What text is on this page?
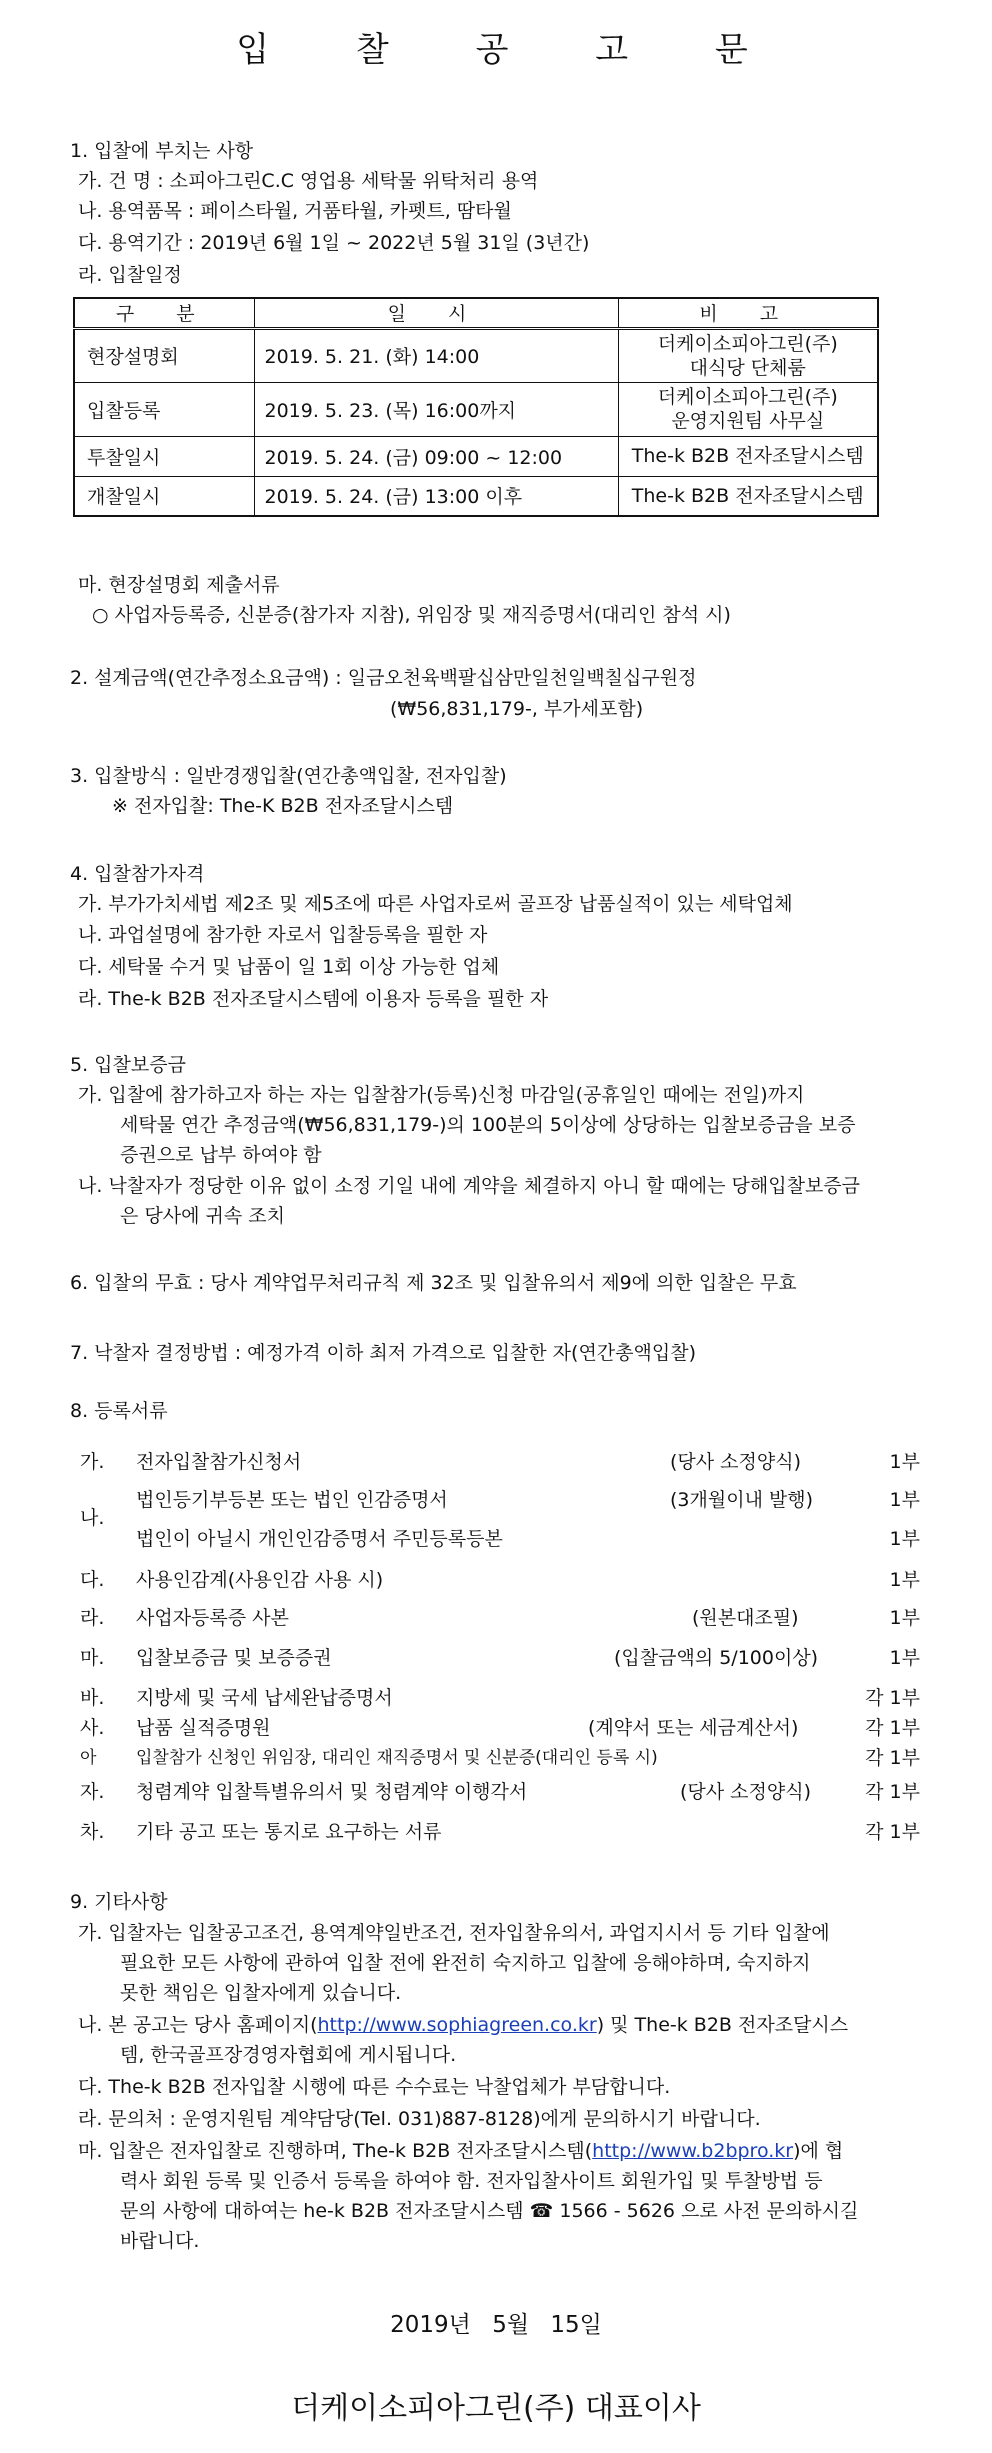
입 찰 공 고 문
1. 입찰에 부치는 사항
가. 건 명 : 소피아그린C.C 영업용 세탁물 위탁처리 용역
나. 용역품목 : 페이스타월, 거품타월, 카펫트, 땀타월
다. 용역기간 : 2019년 6월 1일 ~ 2022년 5월 31일 (3년간)
라. 입찰일정
구 분	일 시	비 고
현장설명회	2019. 5. 21. (화) 14:00	더케이소피아그린(주)
대식당 단체룸

입찰등록	2019. 5. 23. (목) 16:00까지	더케이소피아그린(주)
운영지원팀 사무실

투찰일시	2019. 5. 24. (금) 09:00 ~ 12:00	The-k B2B 전자조달시스템
개찰일시	2019. 5. 24. (금) 13:00 이후	The-k B2B 전자조달시스템
마. 현장설명회 제출서류
○ 사업자등록증, 신분증(참가자 지참), 위임장 및 재직증명서(대리인 참석 시)
2. 설계금액(연간추정소요금액) : 일금오천육백팔십삼만일천일백칠십구원정
(₩56,831,179-, 부가세포함)
3. 입찰방식 : 일반경쟁입찰(연간총액입찰, 전자입찰)
※ 전자입찰: The-K B2B 전자조달시스템
4. 입찰참가자격
가. 부가가치세법 제2조 및 제5조에 따른 사업자로써 골프장 납품실적이 있는 세탁업체
나. 과업설명에 참가한 자로서 입찰등록을 필한 자
다. 세탁물 수거 및 납품이 일 1회 이상 가능한 업체
라. The-k B2B 전자조달시스템에 이용자 등록을 필한 자
5. 입찰보증금
가. 입찰에 참가하고자 하는 자는 입찰참가(등록)신청 마감일(공휴일인 때에는 전일)까지
세탁물 연간 추정금액(₩56,831,179-)의 100분의 5이상에 상당하는 입찰보증금을 보증
증권으로 납부 하여야 함
나. 낙찰자가 정당한 이유 없이 소정 기일 내에 계약을 체결하지 아니 할 때에는 당해입찰보증금
은 당사에 귀속 조치
6. 입찰의 무효 : 당사 계약업무처리규칙 제 32조 및 입찰유의서 제9에 의한 입찰은 무효
7. 낙찰자 결정방법 : 예정가격 이하 최저 가격으로 입찰한 자(연간총액입찰)
8. 등록서류
가. 전자입찰참가신청서	(당사 소정양식)	1부
법인등기부등본 또는 법인 인감증명서	(3개월이내 발행)	1부
나.
법인이 아닐시 개인인감증명서 주민등록등본	1부
다. 사용인감계(사용인감 사용 시)	1부
라. 사업자등록증 사본	(원본대조필)	1부
마. 입찰보증금 및 보증증권	(입찰금액의 5/100이상)	1부
바. 지방세 및 국세 납세완납증명서	각 1부
사. 납품 실적증명원	(계약서 또는 세금계산서)	각 1부
아 입찰참가 신청인 위임장, 대리인 재직증명서 및 신분증(대리인 등록 시)	각 1부
자. 청렴계약 입찰특별유의서 및 청렴계약 이행각서	(당사 소정양식)	각 1부
차. 기타 공고 또는 통지로 요구하는 서류	각 1부
9. 기타사항
가. 입찰자는 입찰공고조건, 용역계약일반조건, 전자입찰유의서, 과업지시서 등 기타 입찰에
필요한 모든 사항에 관하여 입찰 전에 완전히 숙지하고 입찰에 응해야하며, 숙지하지
못한 책임은 입찰자에게 있습니다.
나. 본 공고는 당사 홈페이지(http://www.sophiagreen.co.kr) 및 The-k B2B 전자조달시스
템, 한국골프장경영자협회에 게시됩니다.
다. The-k B2B 전자입찰 시행에 따른 수수료는 낙찰업체가 부담합니다.
라. 문의처 : 운영지원팀 계약담당(Tel. 031)887-8128)에게 문의하시기 바랍니다.
마. 입찰은 전자입찰로 진행하며, The-k B2B 전자조달시스템(http://www.b2bpro.kr)에 협
력사 회원 등록 및 인증서 등록을 하여야 함. 전자입찰사이트 회원가입 및 투찰방법 등
문의 사항에 대하여는 he-k B2B 전자조달시스템 ☎ 1566 - 5626 으로 사전 문의하시길
바랍니다.
2019년 5월 15일
더케이소피아그린(주) 대표이사
